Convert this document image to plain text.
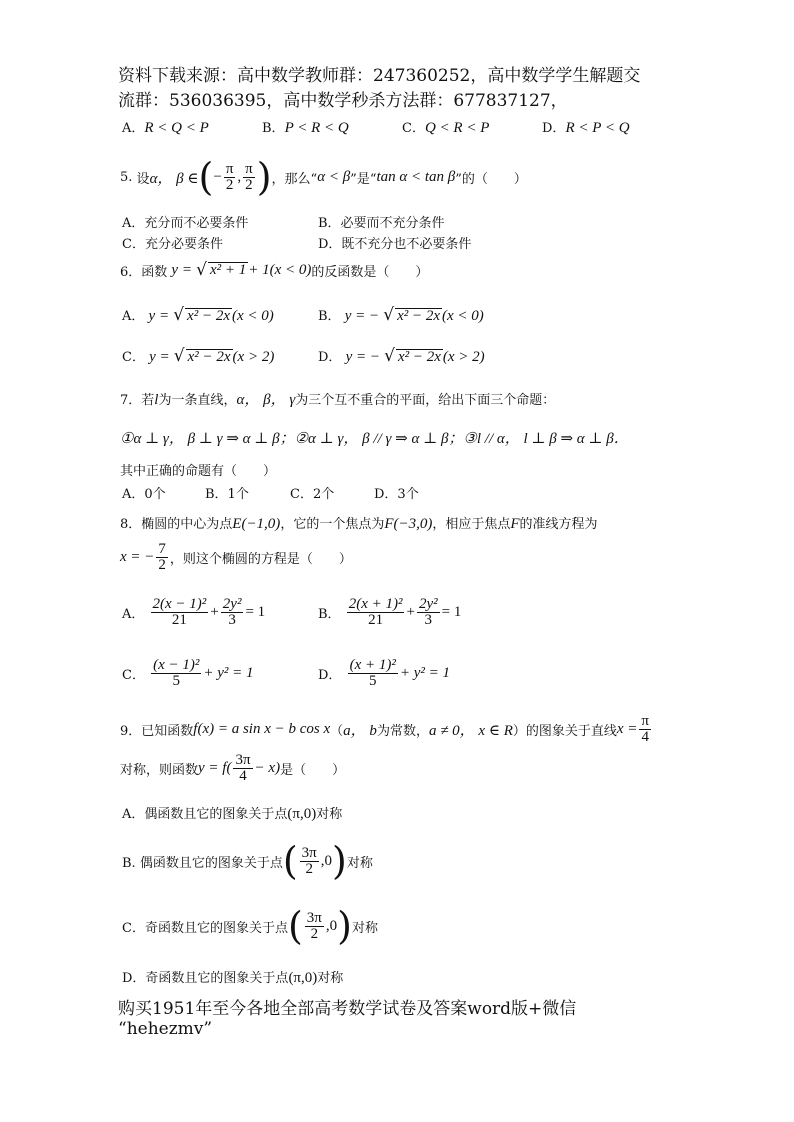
资料下载来源：高中数学教师群：247360252，高中数学学生解题交
流群：536036395，高中数学秒杀方法群：677837127，
A．R < Q < P	B．P < R < Q	C．Q < R < P	D．R < P < Q
5.
设 α， β ∈ ( − $\frac{\pi}{2}$ , $\frac{\pi}{2}$ ) ，那么“ α < β ”是“ tan α < tan β ”的（　　）
A．充分而不必要条件	B．必要而不充分条件
C．充分必要条件	D．既不充分也不必要条件
6．函数
y =
√ x² + 1 + 1(x < 0) 的反函数是（　　）
A． y = √ x² − 2x (x < 0)	B． y = − √ x² − 2x (x < 0)
C． y = √ x² − 2x (x > 2)	D． y = − √ x² − 2x (x > 2)
7．若l为一条直线，α， β， γ为三个互不重合的平面，给出下面三个命题：
①α ⊥ γ， β ⊥ γ ⇒ α ⊥ β；②α ⊥ γ， β // γ ⇒ α ⊥ β；③l // α， l ⊥ β ⇒ α ⊥ β．
其中正确的命题有（　　）
A．0个	B．1个	C．2个	D．3个
8．椭圆的中心为点E(−1,0)，它的一个焦点为F(−3,0)，相应于焦点F的准线方程为
x = − $\frac{7}{2}$ ，则这个椭圆的方程是（　　）
A．
$\frac{\text{2(x − 1)²}}{21} + \frac{\text{2y²}}{3} = 1$	B．
$\frac{\text{2(x + 1)²}}{21} + \frac{\text{2y²}}{3} = 1$
C．
$\frac{\text{(x − 1)²}}{5} + y^2 = 1$	D．
$\frac{\text{(x + 1)²}}{5} + y^2 = 1$
9．已知函数 f(x) = a sin x − b cos x （ a， b 为常数， a ≠ 0， x ∈ R ）的图象关于直线 $x = \frac{\pi}{4}$
对称，则函数 $y = f( \frac{3\pi}{4} - x)$ 是（　　）
A．偶函数且它的图象关于点(π,0)对称
B. 偶函数且它的图象关于点 ( $\frac{3\pi}{2} ,0$ ) 对称
C．奇函数且它的图象关于点 ( $\frac{3\pi}{2} ,0$ ) 对称
D．奇函数且它的图象关于点(π,0)对称
购买1951年至今各地全部高考数学试卷及答案word版+微信
“hehezmv”
